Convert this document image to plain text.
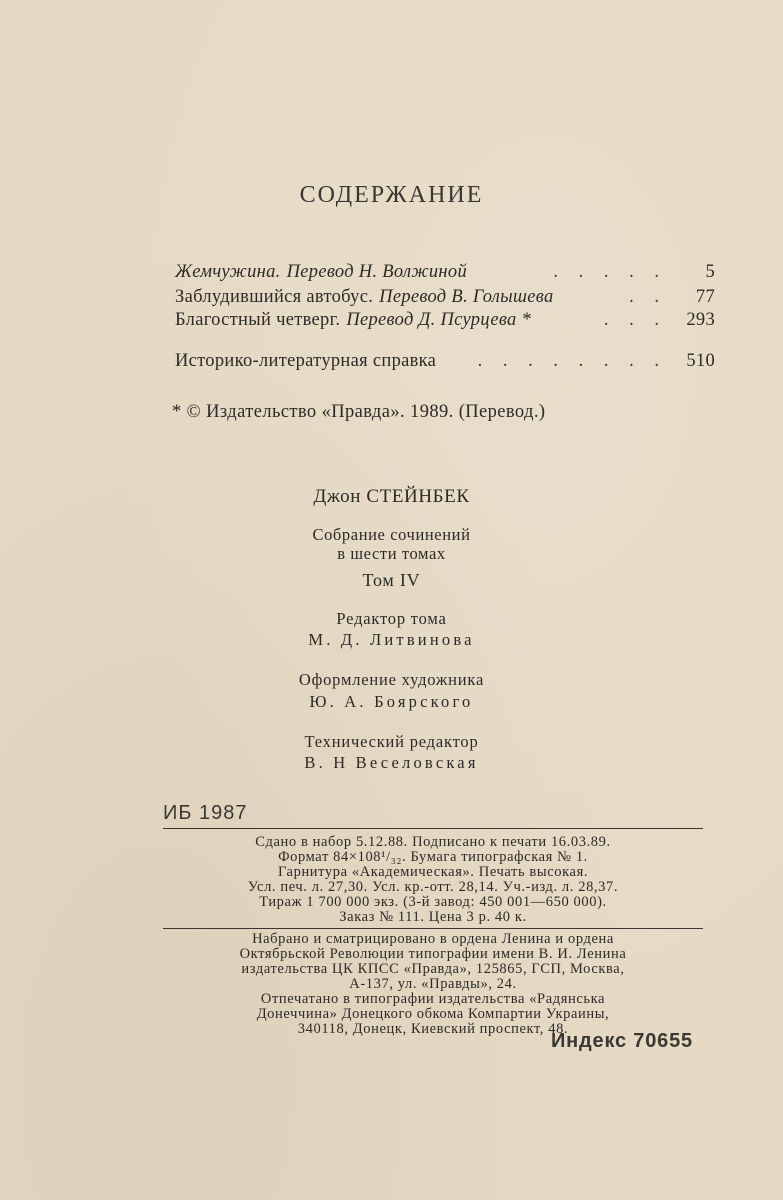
СОДЕРЖАНИЕ
Жемчужина. Перевод Н. Волжиной	. . . . .	5
Заблудившийся автобус. Перевод В. Голышева	. .	77
Благостный четверг. Перевод Д. Псурцева *	. . .	293
Историко-литературная справка	. . . . . . . .	510
* © Издательство «Правда». 1989. (Перевод.)
Джон СТЕЙНБЕК
Собрание сочинений
в шести томах
Том IV
Редактор тома
М. Д. Литвинова
Оформление художника
Ю. А. Боярского
Технический редактор
В. Н Веселовская
ИБ 1987
Сдано в набор 5.12.88. Подписано к печати 16.03.89.
Формат 84×108¹/₃₂. Бумага типографская № 1.
Гарнитура «Академическая». Печать высокая.
Усл. печ. л. 27,30. Усл. кр.-отт. 28,14. Уч.-изд. л. 28,37.
Тираж 1 700 000 экз. (3-й завод: 450 001—650 000).
Заказ № 111. Цена 3 р. 40 к.
Набрано и сматрицировано в ордена Ленина и ордена
Октябрьской Революции типографии имени В. И. Ленина
издательства ЦК КПСС «Правда», 125865, ГСП, Москва,
А-137, ул. «Правды», 24.
Отпечатано в типографии издательства «Радянська
Донеччина» Донецкого обкома Компартии Украины,
340118, Донецк, Киевский проспект, 48.
Индекс 70655
